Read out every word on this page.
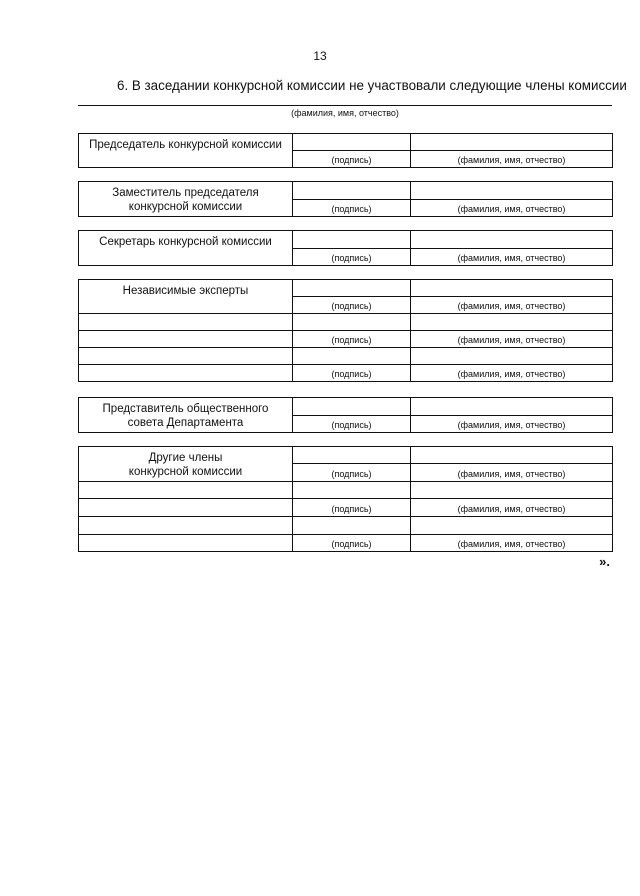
13
6. В заседании конкурсной комиссии не участвовали следующие члены комиссии
(фамилия, имя, отчество)
Председатель конкурсной комиссии		
	(подпись)	(фамилия, имя, отчество)
Заместитель председателя
конкурсной комиссии		

	(подпись)	(фамилия, имя, отчество)
Секретарь конкурсной комиссии		
	(подпись)	(фамилия, имя, отчество)
Независимые эксперты		
	(подпись)	(фамилия, имя, отчество)

	(подпись)	(фамилия, имя, отчество)

	(подпись)	(фамилия, имя, отчество)
Представитель общественного
совета Департамента		

	(подпись)	(фамилия, имя, отчество)
Другие члены
конкурсной комиссии		

	(подпись)	(фамилия, имя, отчество)

	(подпись)	(фамилия, имя, отчество)

	(подпись)	(фамилия, имя, отчество)
».
